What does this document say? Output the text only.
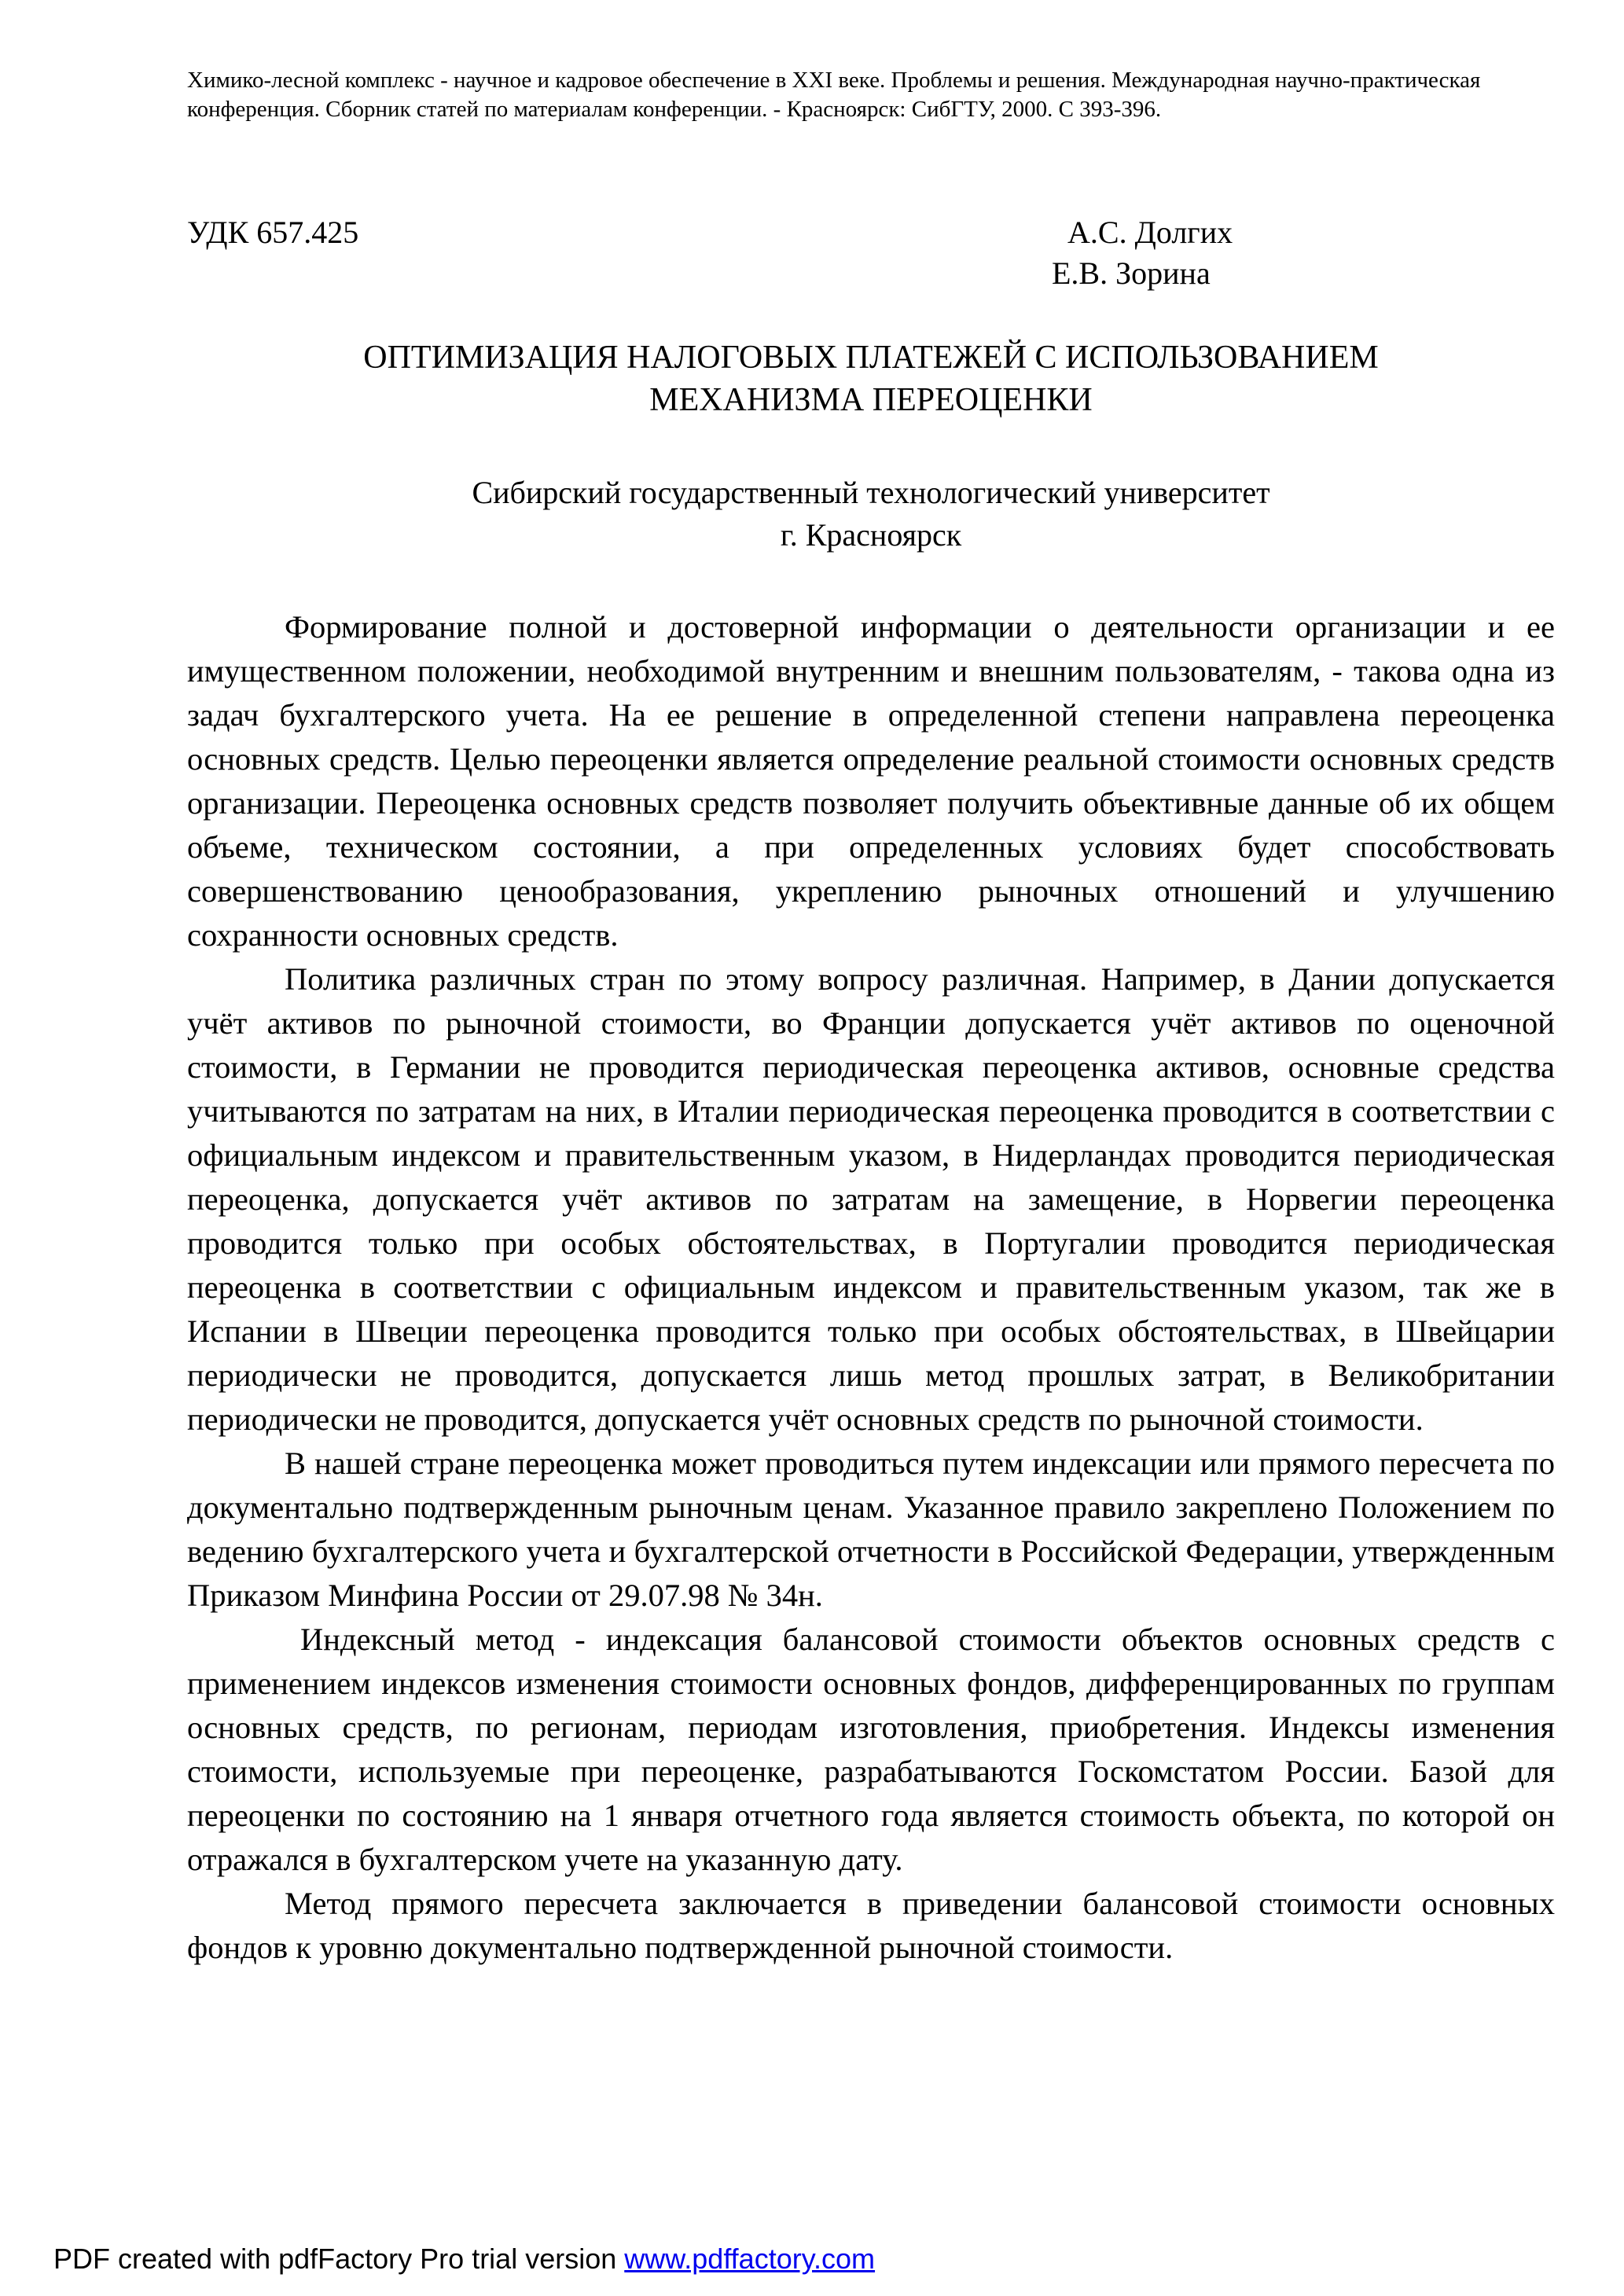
Химико-лесной комплекс - научное и кадровое обеспечение в XXI веке. Проблемы и решения. Международная научно-практическая конференция. Сборник статей по материалам конференции. - Красноярск: СибГТУ, 2000. С 393-396.
УДК 657.425	А.С. Долгих
Е.В. Зорина
ОПТИМИЗАЦИЯ НАЛОГОВЫХ ПЛАТЕЖЕЙ С ИСПОЛЬЗОВАНИЕМ
МЕХАНИЗМА ПЕРЕОЦЕНКИ
Сибирский государственный технологический университет
г. Красноярск

Формирование полной и достоверной информации о деятельности организации и ее имущественном положении, необходимой внутренним и внешним пользователям, - такова одна из задач бухгалтерского учета. На ее решение в определенной степени направлена переоценка основных средств. Целью переоценки является определение реальной стоимости основных средств организации. Переоценка основных средств позволяет получить объективные данные об их общем объеме, техническом состоянии, а при определенных условиях будет способствовать совершенствованию ценообразования, укреплению рыночных отношений и улучшению сохранности основных средств.

Политика различных стран по этому вопросу различная. Например, в Дании допускается учёт активов по рыночной стоимости, во Франции допускается учёт активов по оценочной стоимости, в Германии не проводится периодическая переоценка активов, основные средства учитываются по затратам на них, в Италии периодическая переоценка проводится в соответствии с официальным индексом и правительственным указом, в Нидерландах проводится периодическая переоценка, допускается учёт активов по затратам на замещение, в Норвегии переоценка проводится только при особых обстоятельствах, в Португалии проводится периодическая переоценка в соответствии с официальным индексом и правительственным указом, так же в Испании в Швеции переоценка проводится только при особых обстоятельствах, в Швейцарии периодически не проводится, допускается лишь метод прошлых затрат, в Великобритании периодически не проводится, допускается учёт основных средств по рыночной стоимости.

В нашей стране переоценка может проводиться путем индексации или прямого пересчета по документально подтвержденным рыночным ценам. Указанное правило закреплено Положением по ведению бухгалтерского учета и бухгалтерской отчетности в Российской Федерации, утвержденным Приказом Минфина России от 29.07.98 № 34н.

Индексный метод - индексация балансовой стоимости объектов основных средств с применением индексов изменения стоимости основных фондов, дифференцированных по группам основных средств, по регионам, периодам изготовления, приобретения. Индексы изменения стоимости, используемые при переоценке, разрабатываются Госкомстатом России. Базой для переоценки по состоянию на 1 января отчетного года является стоимость объекта, по которой он отражался в бухгалтерском учете на указанную дату.

Метод прямого пересчета заключается в приведении балансовой стоимости основных фондов к уровню документально подтвержденной рыночной стоимости.

PDF created with pdfFactory Pro trial version www.pdffactory.com
